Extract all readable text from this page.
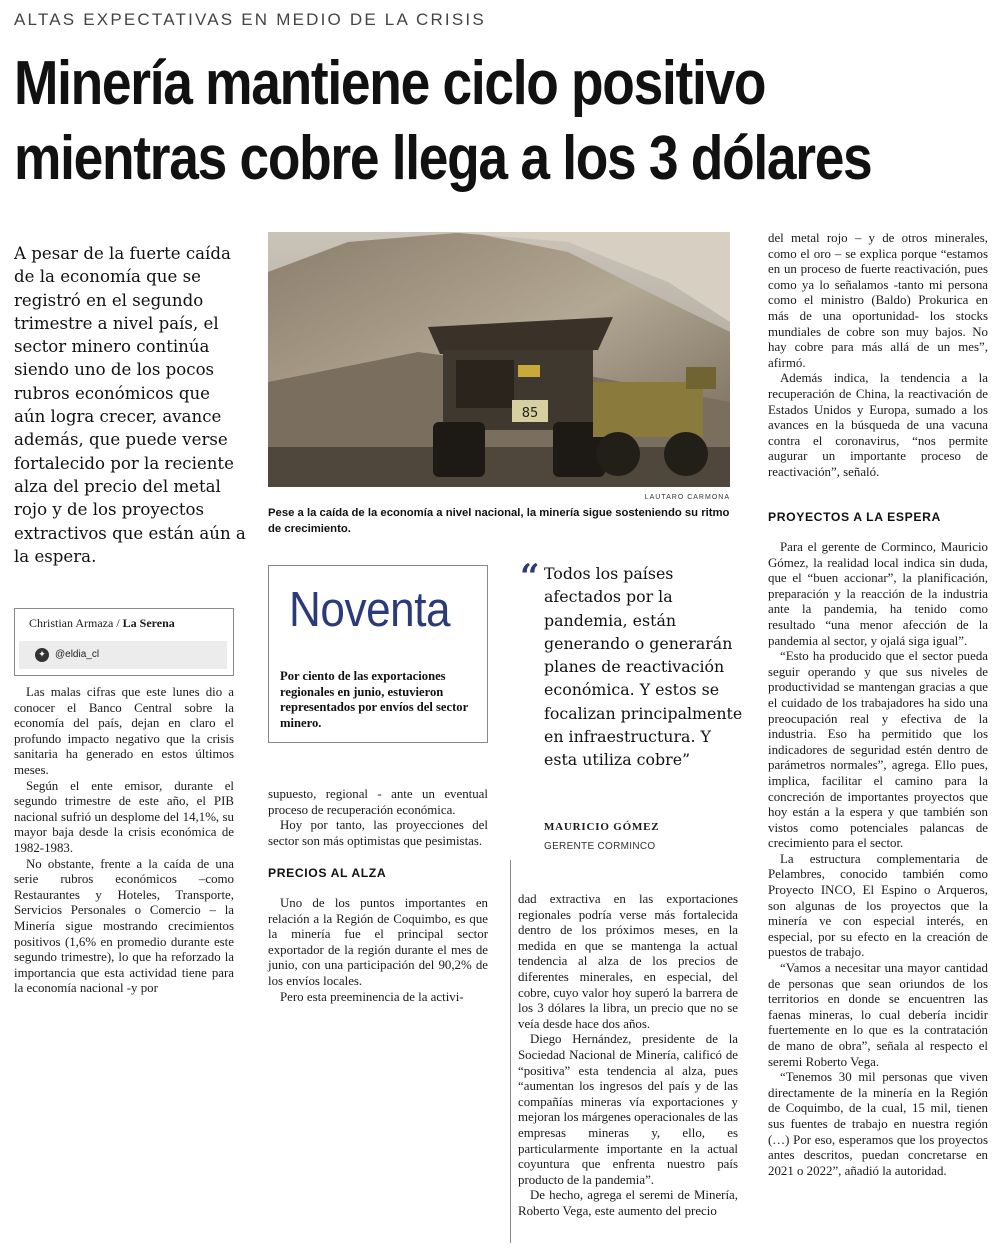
ALTAS EXPECTATIVAS EN MEDIO DE LA CRISIS
Minería mantiene ciclo positivo
mientras cobre llega a los 3 dólares
A pesar de la fuerte caída de la economía que se registró en el segundo trimestre a nivel país, el sector minero continúa siendo uno de los pocos rubros económicos que aún logra crecer, avance además, que puede verse fortalecido por la reciente alza del precio del metal rojo y de los proyectos extractivos que están aún a la espera.
85
LAUTARO CARMONA
Pese a la caída de la economía a nivel nacional, la minería sigue sosteniendo su ritmo de crecimiento.
Christian Armaza / La Serena
✦ @eldia_cl

Las malas cifras que este lunes dio a conocer el Banco Central sobre la economía del país, dejan en claro el profundo impacto negativo que la crisis sanitaria ha generado en estos últimos meses.

Según el ente emisor, durante el segundo trimestre de este año, el PIB nacional sufrió un desplome del 14,1%, su mayor baja desde la crisis económica de 1982-1983.

No obstante, frente a la caída de una serie rubros económicos –como Restaurantes y Hoteles, Transporte, Servicios Personales o Comercio – la Minería sigue mostrando crecimientos positivos (1,6% en promedio durante este segundo trimestre), lo que ha reforzado la importancia que esta actividad tiene para la economía nacional -y por

Noventa
Por ciento de las exportaciones regionales en junio, estuvieron representados por envíos del sector minero.
“ Todos los países afectados por la pandemia, están generando o generarán planes de reactivación económica. Y estos se focalizan principalmente en infraestructura. Y esta utiliza cobre”
MAURICIO GÓMEZ
GERENTE CORMINCO

supuesto, regional - ante un eventual proceso de recuperación económica.

Hoy por tanto, las proyecciones del sector son más optimistas que pesimistas.

PRECIOS AL ALZA

Uno de los puntos importantes en relación a la Región de Coquimbo, es que la minería fue el principal sector exportador de la región durante el mes de junio, con una participación del 90,2% de los envíos locales.

Pero esta preeminencia de la activi-

dad extractiva en las exportaciones regionales podría verse más fortalecida dentro de los próximos meses, en la medida en que se mantenga la actual tendencia al alza de los precios de diferentes minerales, en especial, del cobre, cuyo valor hoy superó la barrera de los 3 dólares la libra, un precio que no se veía desde hace dos años.

Diego Hernández, presidente de la Sociedad Nacional de Minería, calificó de “positiva” esta tendencia al alza, pues “aumentan los ingresos del país y de las compañías mineras vía exportaciones y mejoran los márgenes operacionales de las empresas mineras y, ello, es particularmente importante en la actual coyuntura que enfrenta nuestro país producto de la pandemia”.

De hecho, agrega el seremi de Minería, Roberto Vega, este aumento del precio

del metal rojo – y de otros minerales, como el oro – se explica porque “estamos en un proceso de fuerte reactivación, pues como ya lo señalamos -tanto mi persona como el ministro (Baldo) Prokurica en más de una oportunidad- los stocks mundiales de cobre son muy bajos. No hay cobre para más allá de un mes”, afirmó.

Además indica, la tendencia a la recuperación de China, la reactivación de Estados Unidos y Europa, sumado a los avances en la búsqueda de una vacuna contra el coronavirus, “nos permite augurar un importante proceso de reactivación”, señaló.

PROYECTOS A LA ESPERA

Para el gerente de Cormincо, Mauricio Gómez, la realidad local indica sin duda, que el “buen accionar”, la planificación, preparación y la reacción de la industria ante la pandemia, ha tenido como resultado “una menor afección de la pandemia al sector, y ojalá siga igual”.

“Esto ha producido que el sector pueda seguir operando y que sus niveles de productividad se mantengan gracias a que el cuidado de los trabajadores ha sido una preocupación real y efectiva de la industria. Eso ha permitido que los indicadores de seguridad estén dentro de parámetros normales”, agrega. Ello pues, implica, facilitar el camino para la concreción de importantes proyectos que hoy están a la espera y que también son vistos como potenciales palancas de crecimiento para el sector.

La estructura complementaria de Pelambres, conocido también como Proyecto INCO, El Espino o Arqueros, son algunas de los proyectos que la minería ve con especial interés, en especial, por su efecto en la creación de puestos de trabajo.

“Vamos a necesitar una mayor cantidad de personas que sean oriundos de los territorios en donde se encuentren las faenas mineras, lo cual debería incidir fuertemente en lo que es la contratación de mano de obra”, señala al respecto el seremi Roberto Vega.

“Tenemos 30 mil personas que viven directamente de la minería en la Región de Coquimbo, de la cual, 15 mil, tienen sus fuentes de trabajo en nuestra región (…) Por eso, esperamos que los proyectos antes descritos, puedan concretarse en 2021 o 2022”, añadió la autoridad.
